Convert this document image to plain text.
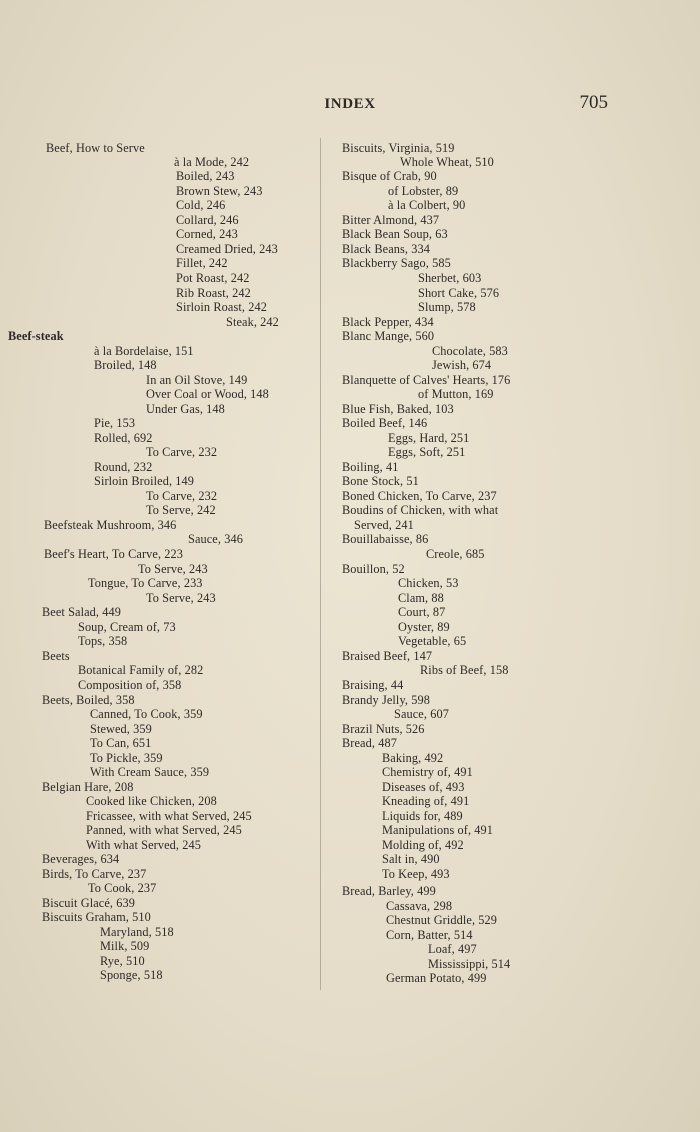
INDEX	705
Beef, How to Serve
à la Mode, 242
Boiled, 243
Brown Stew, 243
Cold, 246
Collard, 246
Corned, 243
Creamed Dried, 243
Fillet, 242
Pot Roast, 242
Rib Roast, 242
Sirloin Roast, 242
Steak, 242
Beef-steak
à la Bordelaise, 151
Broiled, 148
In an Oil Stove, 149
Over Coal or Wood, 148
Under Gas, 148
Pie, 153
Rolled, 692
To Carve, 232
Round, 232
Sirloin Broiled, 149
To Carve, 232
To Serve, 242
Beefsteak Mushroom, 346
Sauce, 346
Beef's Heart, To Carve, 223
To Serve, 243
Tongue, To Carve, 233
To Serve, 243
Beet Salad, 449
Soup, Cream of, 73
Tops, 358
Beets
Botanical Family of, 282
Composition of, 358
Beets, Boiled, 358
Canned, To Cook, 359
Stewed, 359
To Can, 651
To Pickle, 359
With Cream Sauce, 359
Belgian Hare, 208
Cooked like Chicken, 208
Fricassee, with what Served, 245
Panned, with what Served, 245
With what Served, 245
Beverages, 634
Birds, To Carve, 237
To Cook, 237
Biscuit Glacé, 639
Biscuits Graham, 510
Maryland, 518
Milk, 509
Rye, 510
Sponge, 518
Biscuits, Virginia, 519
Whole Wheat, 510
Bisque of Crab, 90
of Lobster, 89
à la Colbert, 90
Bitter Almond, 437
Black Bean Soup, 63
Black Beans, 334
Blackberry Sago, 585
Sherbet, 603
Short Cake, 576
Slump, 578
Black Pepper, 434
Blanc Mange, 560
Chocolate, 583
Jewish, 674
Blanquette of Calves' Hearts, 176
of Mutton, 169
Blue Fish, Baked, 103
Boiled Beef, 146
Eggs, Hard, 251
Eggs, Soft, 251
Boiling, 41
Bone Stock, 51
Boned Chicken, To Carve, 237
Boudins of Chicken, with what
Served, 241
Bouillabaisse, 86
Creole, 685
Bouillon, 52
Chicken, 53
Clam, 88
Court, 87
Oyster, 89
Vegetable, 65
Braised Beef, 147
Ribs of Beef, 158
Braising, 44
Brandy Jelly, 598
Sauce, 607
Brazil Nuts, 526
Bread, 487
Baking, 492
Chemistry of, 491
Diseases of, 493
Kneading of, 491
Liquids for, 489
Manipulations of, 491
Molding of, 492
Salt in, 490
To Keep, 493
Bread, Barley, 499
Cassava, 298
Chestnut Griddle, 529
Corn, Batter, 514
Loaf, 497
Mississippi, 514
German Potato, 499
